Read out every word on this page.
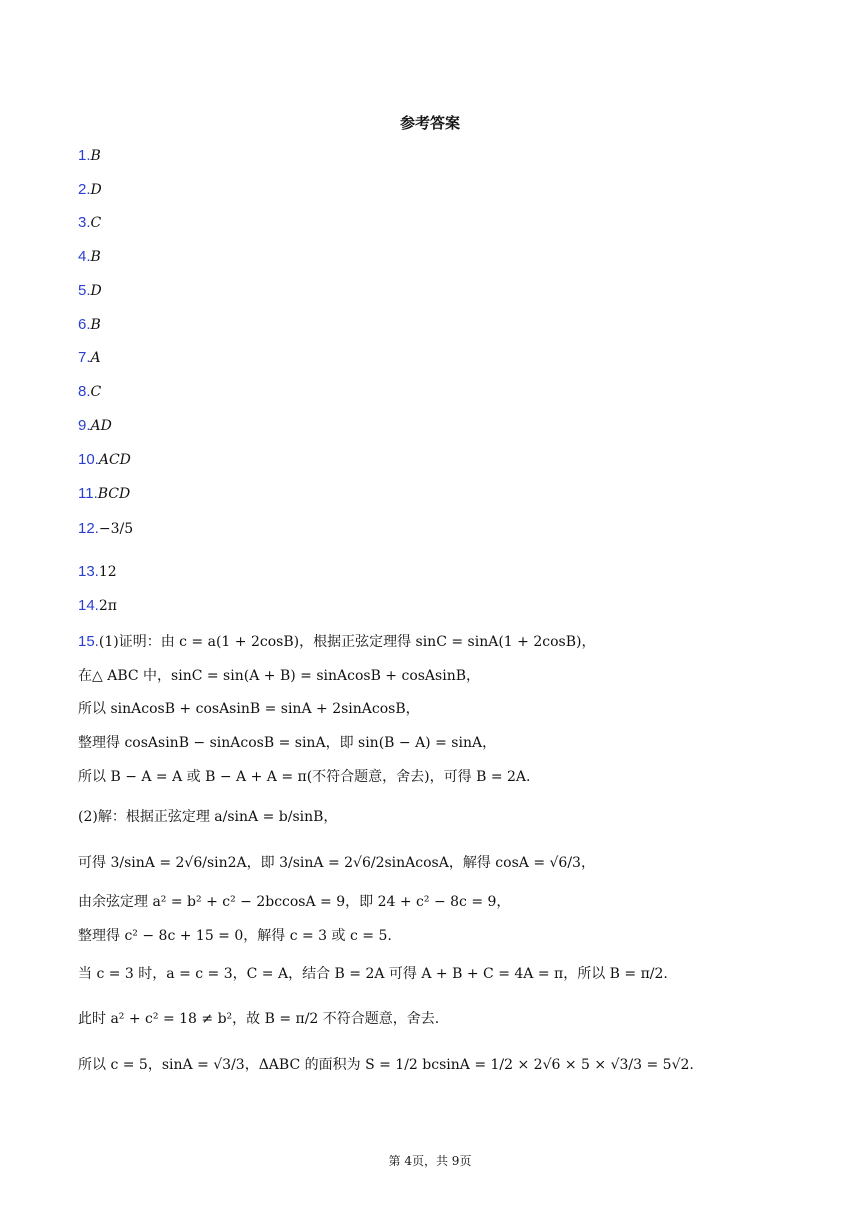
参考答案
1.B
2.D
3.C
4.B
5.D
6.B
7.A
8.C
9.AD
10.ACD
11.BCD
12.−3/5
13.12
14.2π
15.(1)证明：由 c = a(1 + 2cosB)，根据正弦定理得 sinC = sinA(1 + 2cosB)，
在△ ABC 中，sinC = sin(A + B) = sinAcosB + cosAsinB，
所以 sinAcosB + cosAsinB = sinA + 2sinAcosB，
整理得 cosAsinB − sinAcosB = sinA，即 sin(B − A) = sinA，
所以 B − A = A 或 B − A + A = π(不符合题意，舍去)，可得 B = 2A.
(2)解：根据正弦定理 a/sinA = b/sinB，
可得 3/sinA = 2√6/sin2A，即 3/sinA = 2√6/2sinAcosA，解得 cosA = √6/3，
由余弦定理 a² = b² + c² − 2bccosA = 9，即 24 + c² − 8c = 9，
整理得 c² − 8c + 15 = 0，解得 c = 3 或 c = 5.
当 c = 3 时，a = c = 3，C = A，结合 B = 2A 可得 A + B + C = 4A = π，所以 B = π/2.
此时 a² + c² = 18 ≠ b²，故 B = π/2 不符合题意，舍去.
所以 c = 5，sinA = √3/3，ΔABC 的面积为 S = 1/2 bcsinA = 1/2 × 2√6 × 5 × √3/3 = 5√2.
第 4页，共 9页
